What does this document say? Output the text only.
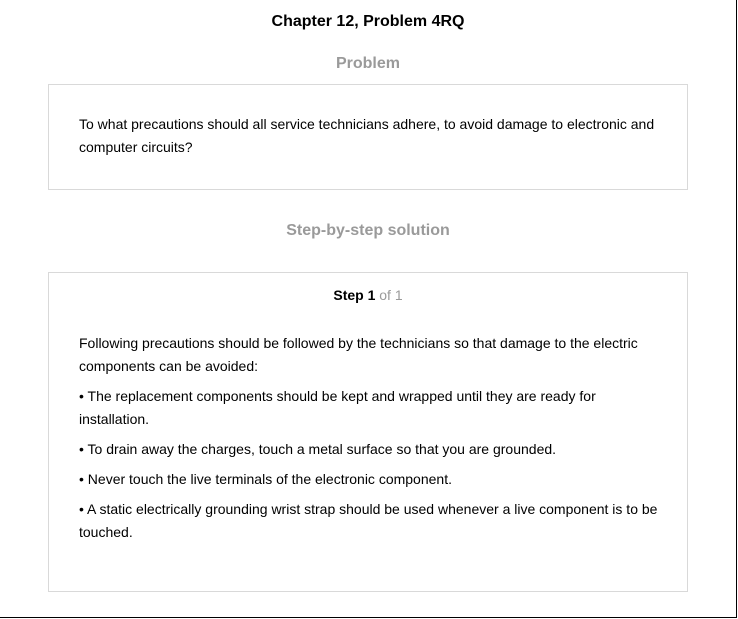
Chapter 12, Problem 4RQ
Problem
To what precautions should all service technicians adhere, to avoid damage to electronic and computer circuits?
Step-by-step solution
Step 1 of 1

Following precautions should be followed by the technicians so that damage to the electric components can be avoided:

• The replacement components should be kept and wrapped until they are ready for installation.

• To drain away the charges, touch a metal surface so that you are grounded.

• Never touch the live terminals of the electronic component.

• A static electrically grounding wrist strap should be used whenever a live component is to be touched.
